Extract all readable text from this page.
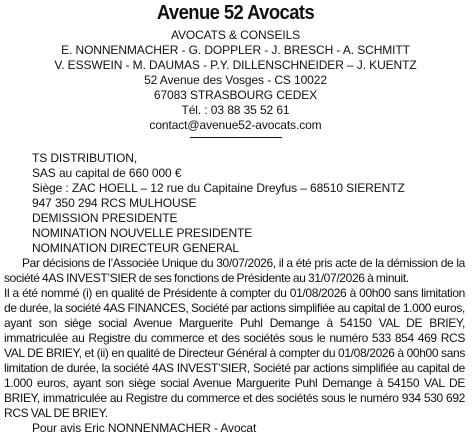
Avenue 52 Avocats
AVOCATS & CONSEILS
E. NONNENMACHER - G. DOPPLER - J. BRESCH - A. SCHMITT
V. ESSWEIN - M. DAUMAS - P.Y. DILLENSCHNEIDER – J. KUENTZ
52 Avenue des Vosges - CS 10022
67083 STRASBOURG CEDEX
Tél. : 03 88 35 52 61
contact@avenue52-avocats.com
TS DISTRIBUTION,
SAS au capital de 660 000 €
Siège : ZAC HOELL – 12 rue du Capitaine Dreyfus – 68510 SIERENTZ
947 350 294 RCS MULHOUSE
DEMISSION PRESIDENTE
NOMINATION NOUVELLE PRESIDENTE
NOMINATION DIRECTEUR GENERAL

Par décisions de l’Associée Unique du 30/07/2026, il a été pris acte de la démission de la société 4AS INVEST’SIER de ses fonctions de Présidente au 31/07/2026 à minuit.

Il a été nommé (i) en qualité de Présidente à compter du 01/08/2026 à 00h00 sans limitation de durée, la société 4AS FINANCES, Société par actions simplifiée au capital de 1.000 euros, ayant son siège social Avenue Marguerite Puhl Demange à 54150 VAL DE BRIEY, immatriculée au Registre du commerce et des sociétés sous le numéro 533 854 469 RCS VAL DE BRIEY, et (ii) en qualité de Directeur Général à compter du 01/08/2026 à 00h00 sans limitation de durée, la société 4AS INVEST’SIER, Société par actions simplifiée au capital de 1.000 euros, ayant son siège social Avenue Marguerite Puhl Demange à 54150 VAL DE BRIEY, immatriculée au Registre du commerce et des sociétés sous le numéro 934 530 692 RCS VAL DE BRIEY.

Pour avis Eric NONNENMACHER - Avocat
